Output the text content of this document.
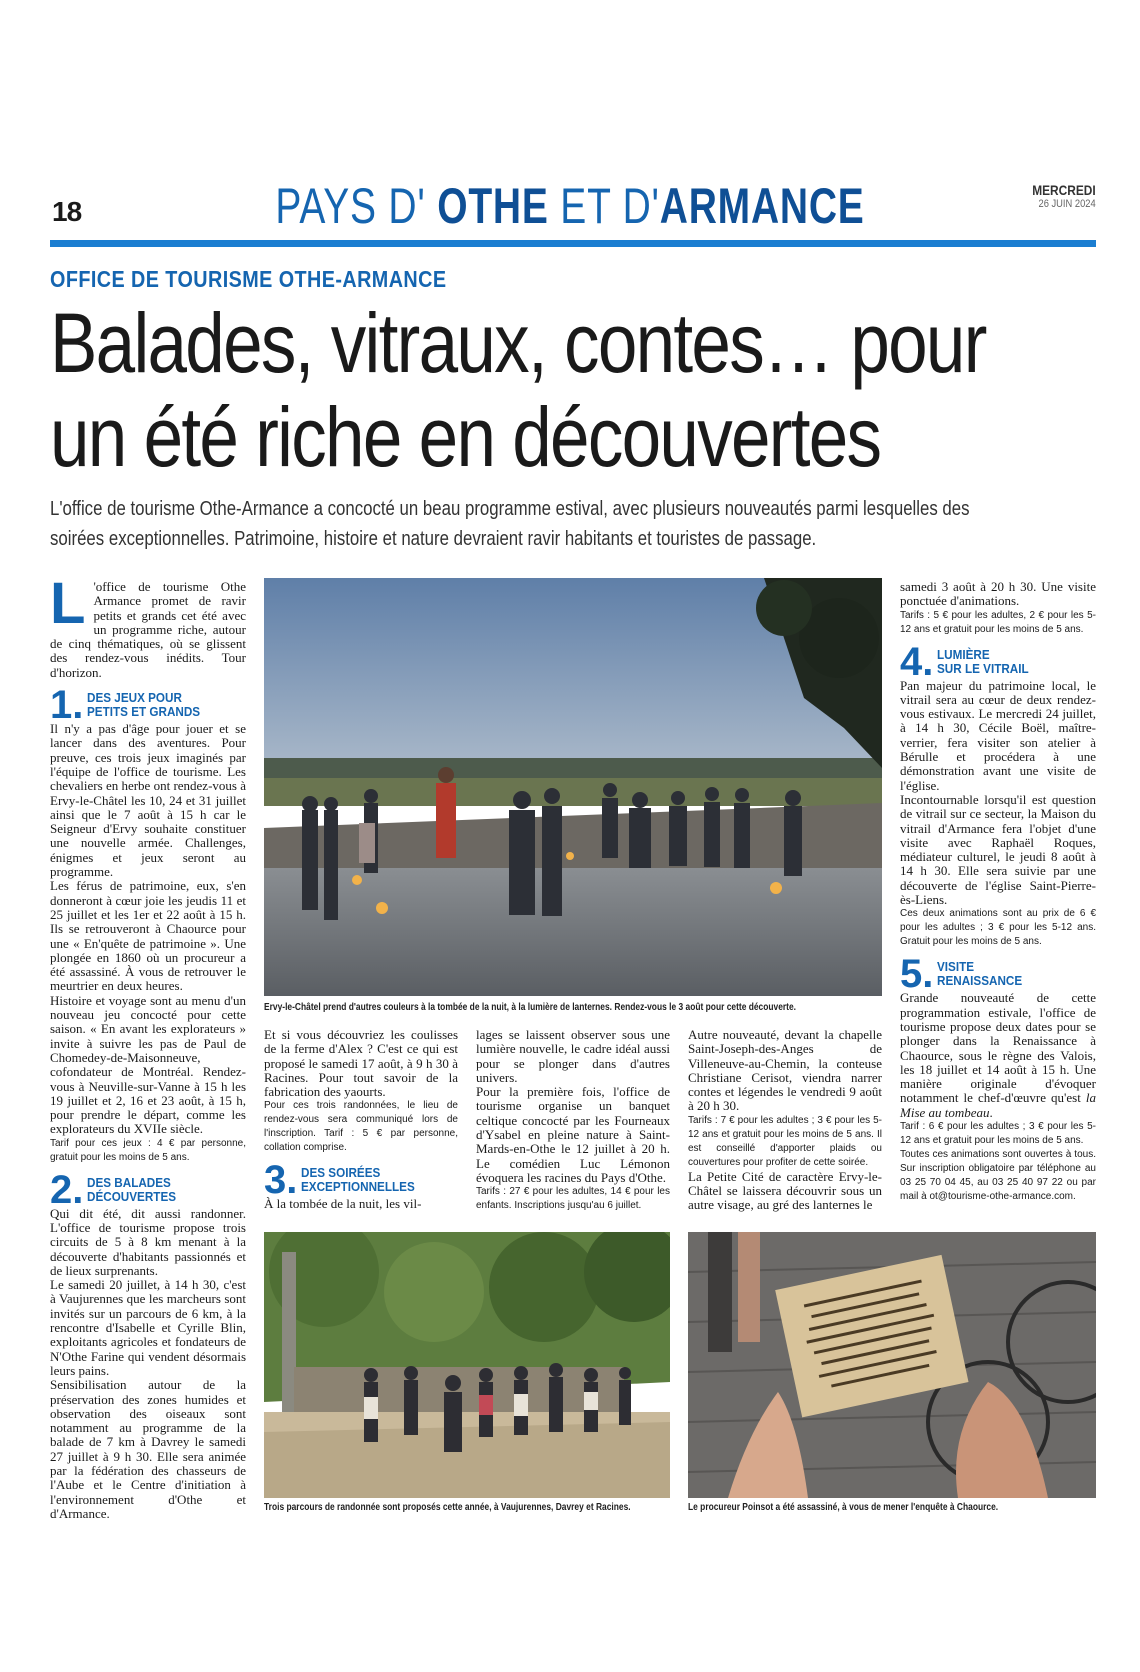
18	PAYS D' OTHE ET D'ARMANCE	MERCREDI
26 JUIN 2024
OFFICE DE TOURISME OTHE-ARMANCE
Balades, vitraux, contes… pour
un été riche en découvertes
L'office de tourisme Othe-Armance a concocté un beau programme estival, avec plusieurs nouveautés parmi lesquelles des
soirées exceptionnelles. Patrimoine, histoire et nature devraient ravir habitants et touristes de passage.

L 'office de tourisme Othe Armance promet de ravir petits et grands cet été avec un programme riche, autour de cinq thématiques, où se glissent des rendez-vous inédits. Tour d'horizon.

1. DES JEUX POUR
PETITS ET GRANDS

Il n'y a pas d'âge pour jouer et se lancer dans des aventures. Pour preuve, ces trois jeux imaginés par l'équipe de l'office de tourisme. Les chevaliers en herbe ont rendez-vous à Ervy-le-Châtel les 10, 24 et 31 juillet ainsi que le 7 août à 15 h car le Seigneur d'Ervy souhaite constituer une nouvelle armée. Challenges, énigmes et jeux seront au programme.

Les férus de patrimoine, eux, s'en donneront à cœur joie les jeudis 11 et 25 juillet et les 1er et 22 août à 15 h. Ils se retrouveront à Chaource pour une « En'quête de patrimoine ». Une plongée en 1860 où un procureur a été assassiné. À vous de retrouver le meurtrier en deux heures.

Histoire et voyage sont au menu d'un nouveau jeu concocté pour cette saison. « En avant les explorateurs » invite à suivre les pas de Paul de Chomedey-de-Maisonneuve, cofondateur de Montréal. Rendez-vous à Neuville-sur-Vanne à 15 h les 19 juillet et 2, 16 et 23 août, à 15 h, pour prendre le départ, comme les explorateurs du XVIIe siècle.

Tarif pour ces jeux : 4 € par personne, gratuit pour les moins de 5 ans.

2. DES BALADES
DÉCOUVERTES

Qui dit été, dit aussi randonner. L'office de tourisme propose trois circuits de 5 à 8 km menant à la découverte d'habitants passionnés et de lieux surprenants.

Le samedi 20 juillet, à 14 h 30, c'est à Vaujurennes que les marcheurs sont invités sur un parcours de 6 km, à la rencontre d'Isabelle et Cyrille Blin, exploitants agricoles et fondateurs de N'Othe Farine qui vendent désormais leurs pains.

Sensibilisation autour de la préservation des zones humides et observation des oiseaux sont notamment au programme de la balade de 7 km à Davrey le samedi 27 juillet à 9 h 30. Elle sera animée par la fédération des chasseurs de l'Aube et le Centre d'initiation à l'environnement d'Othe et d'Armance.

Ervy-le-Châtel prend d'autres couleurs à la tombée de la nuit, à la lumière de lanternes. Rendez-vous le 3 août pour cette découverte.

Et si vous découvriez les coulisses de la ferme d'Alex ? C'est ce qui est proposé le samedi 17 août, à 9 h 30 à Racines. Pour tout savoir de la fabrication des yaourts.

Pour ces trois randonnées, le lieu de rendez-vous sera communiqué lors de l'inscription. Tarif : 5 € par personne, collation comprise.

3. DES SOIRÉES
EXCEPTIONNELLES

À la tombée de la nuit, les vil-

lages se laissent observer sous une lumière nouvelle, le cadre idéal aussi pour se plonger dans d'autres univers.

Pour la première fois, l'office de tourisme organise un banquet celtique concocté par les Fourneaux d'Ysabel en pleine nature à Saint-Mards-en-Othe le 12 juillet à 20 h. Le comédien Luc Lémonon évoquera les racines du Pays d'Othe.

Tarifs : 27 € pour les adultes, 14 € pour les enfants. Inscriptions jusqu'au 6 juillet.

Autre nouveauté, devant la chapelle Saint-Joseph-des-Anges de Villeneuve-au-Chemin, la conteuse Christiane Cerisot, viendra narrer contes et légendes le vendredi 9 août à 20 h 30.

Tarifs : 7 € pour les adultes ; 3 € pour les 5-12 ans et gratuit pour les moins de 5 ans. Il est conseillé d'apporter plaids ou couvertures pour profiter de cette soirée.

La Petite Cité de caractère Ervy-le-Châtel se laissera découvrir sous un autre visage, au gré des lanternes le

samedi 3 août à 20 h 30. Une visite ponctuée d'animations.

Tarifs : 5 € pour les adultes, 2 € pour les 5-12 ans et gratuit pour les moins de 5 ans.

4. LUMIÈRE
SUR LE VITRAIL

Pan majeur du patrimoine local, le vitrail sera au cœur de deux rendez-vous estivaux. Le mercredi 24 juillet, à 14 h 30, Cécile Boël, maître-verrier, fera visiter son atelier à Bérulle et procédera à une démonstration avant une visite de l'église.

Incontournable lorsqu'il est question de vitrail sur ce secteur, la Maison du vitrail d'Armance fera l'objet d'une visite avec Raphaël Roques, médiateur culturel, le jeudi 8 août à 14 h 30. Elle sera suivie par une découverte de l'église Saint-Pierre-ès-Liens.

Ces deux animations sont au prix de 6 € pour les adultes ; 3 € pour les 5-12 ans. Gratuit pour les moins de 5 ans.

5. VISITE
RENAISSANCE

Grande nouveauté de cette programmation estivale, l'office de tourisme propose deux dates pour se plonger dans la Renaissance à Chaource, sous le règne des Valois, les 18 juillet et 14 août à 15 h. Une manière originale d'évoquer notamment le chef-d'œuvre qu'est la Mise au tombeau.

Tarif : 6 € pour les adultes ; 3 € pour les 5-12 ans et gratuit pour les moins de 5 ans.

Toutes ces animations sont ouvertes à tous. Sur inscription obligatoire par téléphone au 03 25 70 04 45, au 03 25 40 97 22 ou par mail à ot@tourisme-othe-armance.com.

Trois parcours de randonnée sont proposés cette année, à Vaujurennes, Davrey et Racines.	Le procureur Poinsot a été assassiné, à vous de mener l'enquête à Chaource.
